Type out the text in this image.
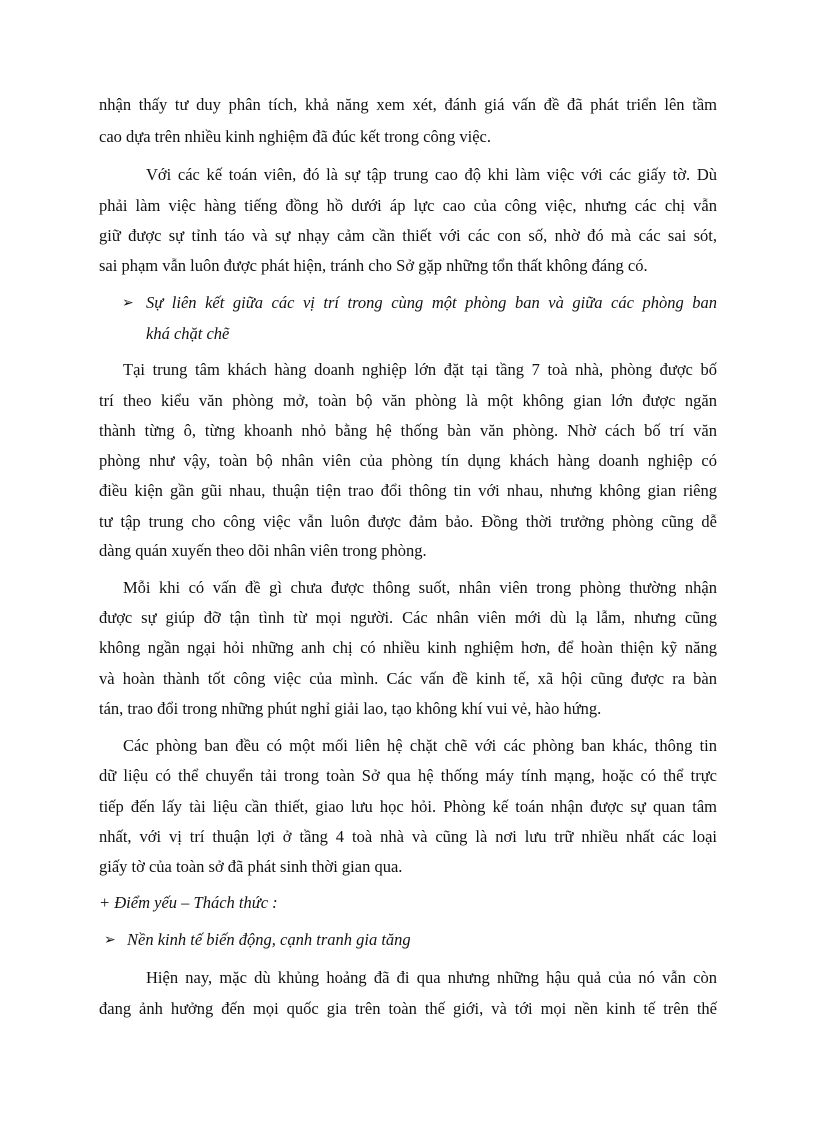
nhận thấy tư duy phân tích, khả năng xem xét, đánh giá vấn đề đã phát triển lên tầm
cao dựa trên nhiều kinh nghiệm đã đúc kết trong công việc.
Với các kế toán viên, đó là sự tập trung cao độ khi làm việc với các giấy tờ. Dù
phải làm việc hàng tiếng đồng hồ dưới áp lực cao của công việc, nhưng các chị vẫn
giữ được sự tỉnh táo và sự nhạy cảm cần thiết với các con số, nhờ đó mà các sai sót,
sai phạm vẫn luôn được phát hiện, tránh cho Sở gặp những tổn thất không đáng có.
➢ Sự liên kết giữa các vị trí trong cùng một phòng ban và giữa các phòng ban
khá chặt chẽ
Tại trung tâm khách hàng doanh nghiệp lớn đặt tại tầng 7 toà nhà, phòng được bố
trí theo kiểu văn phòng mở, toàn bộ văn phòng là một không gian lớn được ngăn
thành từng ô, từng khoanh nhỏ bằng hệ thống bàn văn phòng. Nhờ cách bố trí văn
phòng như vậy, toàn bộ nhân viên của phòng tín dụng khách hàng doanh nghiệp có
điều kiện gần gũi nhau, thuận tiện trao đổi thông tin với nhau, nhưng không gian riêng
tư tập trung cho công việc vẫn luôn được đảm bảo. Đồng thời trưởng phòng cũng dễ
dàng quán xuyến theo dõi nhân viên trong phòng.
Mỗi khi có vấn đề gì chưa được thông suốt, nhân viên trong phòng thường nhận
được sự giúp đỡ tận tình từ mọi người. Các nhân viên mới dù lạ lẫm, nhưng cũng
không ngần ngại hỏi những anh chị có nhiều kinh nghiệm hơn, để hoàn thiện kỹ năng
và hoàn thành tốt công việc của mình. Các vấn đề kinh tế, xã hội cũng được ra bàn
tán, trao đổi trong những phút nghỉ giải lao, tạo không khí vui vẻ, hào hứng.
Các phòng ban đều có một mối liên hệ chặt chẽ với các phòng ban khác, thông tin
dữ liệu có thể chuyển tải trong toàn Sở qua hệ thống máy tính mạng, hoặc có thể trực
tiếp đến lấy tài liệu cần thiết, giao lưu học hỏi. Phòng kế toán nhận được sự quan tâm
nhất, với vị trí thuận lợi ở tầng 4 toà nhà và cũng là nơi lưu trữ nhiều nhất các loại
giấy tờ của toàn sở đã phát sinh thời gian qua.
+ Điểm yếu – Thách thức :
➢ Nền kinh tế biến động, cạnh tranh gia tăng
Hiện nay, mặc dù khủng hoảng đã đi qua nhưng những hậu quả của nó vẫn còn
đang ảnh hưởng đến mọi quốc gia trên toàn thế giới, và tới mọi nền kinh tế trên thế
